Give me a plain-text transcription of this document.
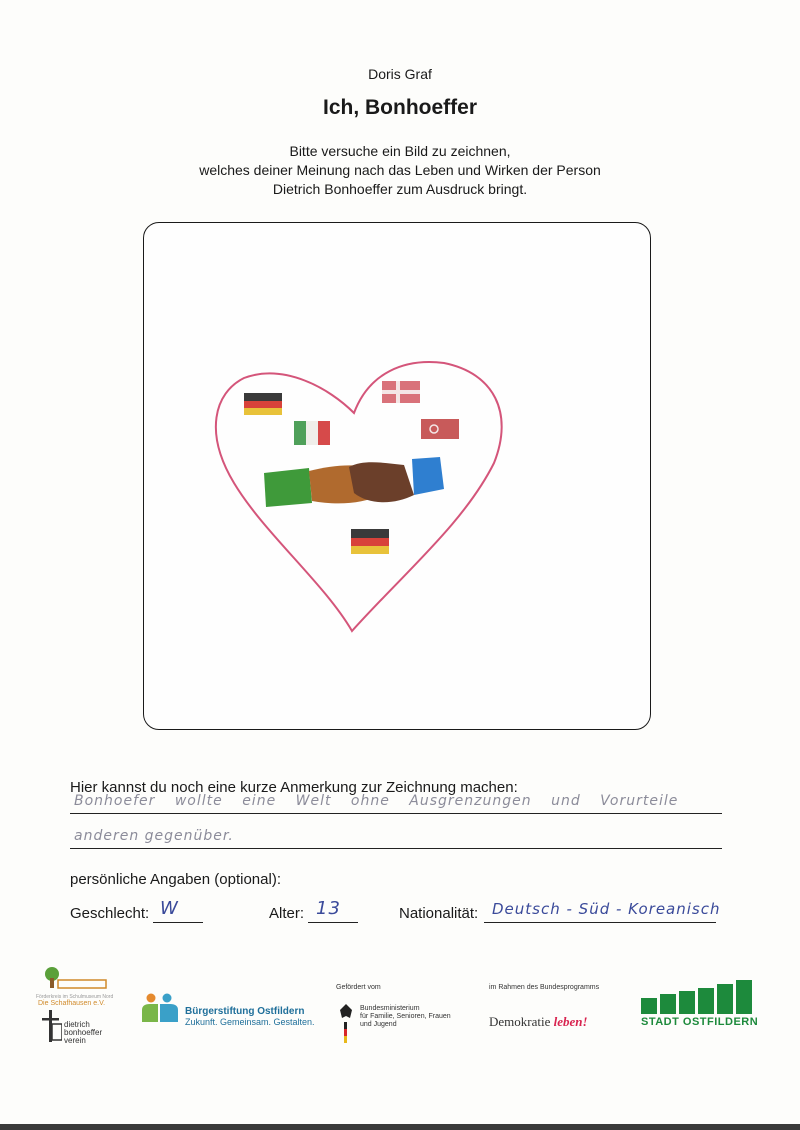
Doris Graf
Ich, Bonhoeffer
Bitte versuche ein Bild zu zeichnen,
welches deiner Meinung nach das Leben und Wirken der Person
Dietrich Bonhoeffer zum Ausdruck bringt.
Hier kannst du noch eine kurze Anmerkung zur Zeichnung machen:
Bonhoefer wollte eine Welt ohne Ausgrenzungen und Vorurteile
anderen gegenüber.
persönliche Angaben (optional):
Geschlecht: W	Alter: 13	Nationalität: Deutsch - Süd - Koreanisch
Förderkreis im Schulmuseum Nord
Die Schafhausen e.V.
dietrich
bonhoeffer
verein
Bürgerstiftung Ostfildern
Zukunft. Gemeinsam. Gestalten.
Gefördert vom
Bundesministerium
für Familie, Senioren, Frauen
und Jugend
im Rahmen des Bundesprogramms
Demokratie leben!	STADT OSTFILDERN
